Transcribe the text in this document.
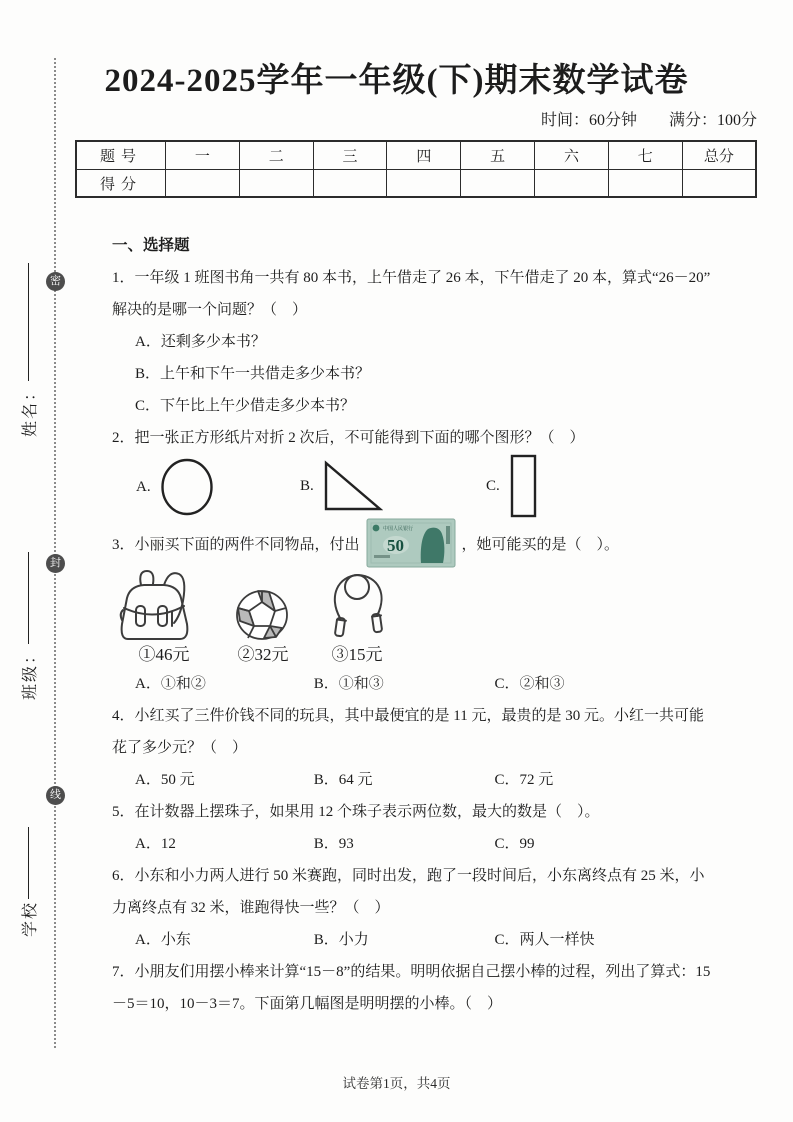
密
封
线
姓名：
班级：
学校
2024-2025学年一年级(下)期末数学试卷
时间：60分钟 满分：100分
题号	一	二	三	四	五	六	七	总分
得分								
一、选择题
1．一年级 1 班图书角一共有 80 本书，上午借走了 26 本，下午借走了 20 本，算式“26－20”
解决的是哪一个问题？（　）
A．还剩多少本书？
B．上午和下午一共借走多少本书？
C．下午比上午少借走多少本书？
2．把一张正方形纸片对折 2 次后，不可能得到下面的哪个图形？（　）
A.	B.	C.
3．小丽买下面的两件不同物品，付出
中国人民银行
50	，她可能买的是（　）。
①46元	②32元	③15元
A．①和②	B．①和③	C．②和③
4．小红买了三件价钱不同的玩具，其中最便宜的是 11 元，最贵的是 30 元。小红一共可能
花了多少元？（　）
A．50 元	B．64 元	C．72 元
5．在计数器上摆珠子，如果用 12 个珠子表示两位数，最大的数是（　）。
A．12	B．93	C．99
6．小东和小力两人进行 50 米赛跑，同时出发，跑了一段时间后，小东离终点有 25 米，小
力离终点有 32 米，谁跑得快一些？（　）
A．小东	B．小力	C．两人一样快
7．小朋友们用摆小棒来计算“15－8”的结果。明明依据自己摆小棒的过程，列出了算式：15
－5＝10，10－3＝7。下面第几幅图是明明摆的小棒。（　）
试卷第1页，共4页
